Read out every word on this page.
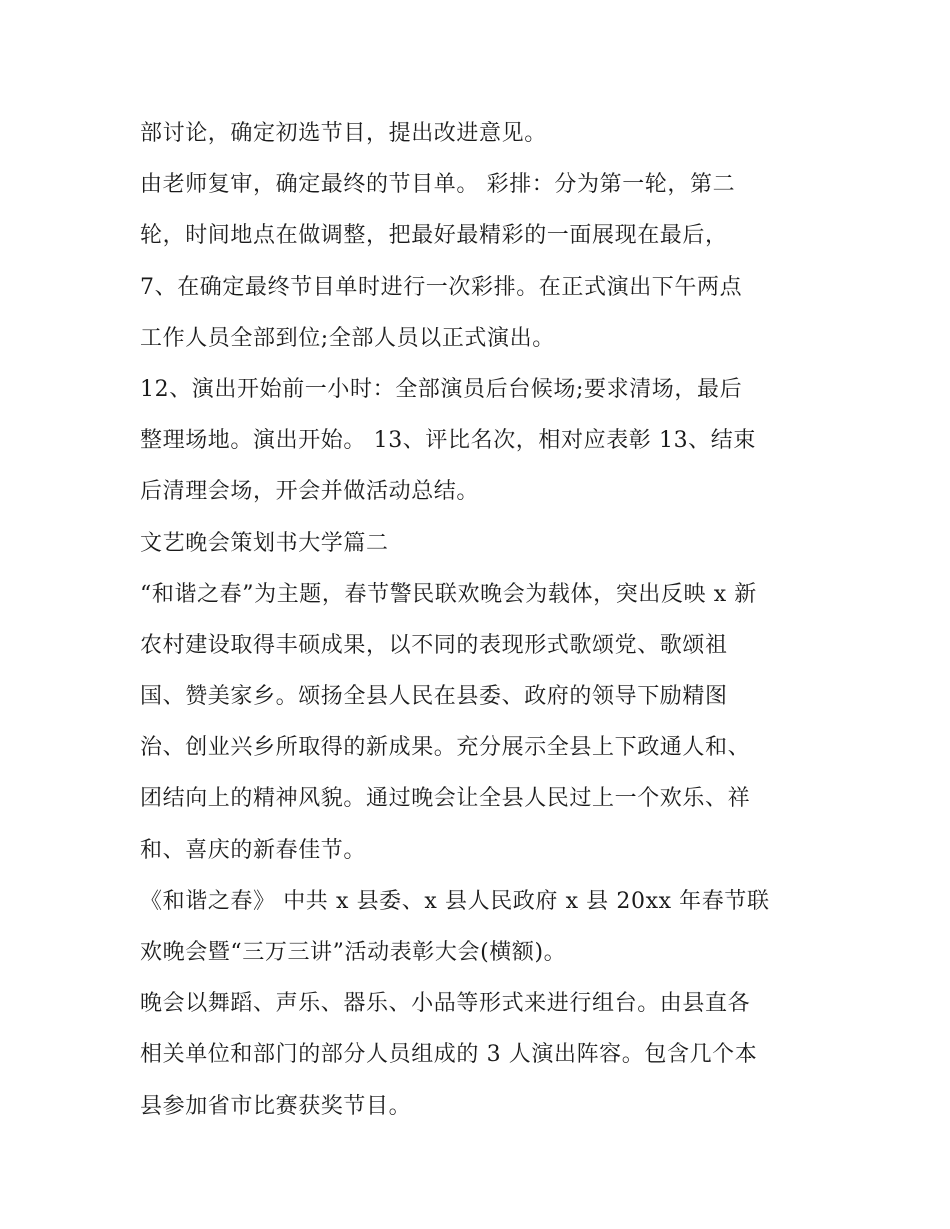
部讨论，确定初选节目，提出改进意见。
由老师复审，确定最终的节目单。 彩排：分为第一轮，第二
轮，时间地点在做调整，把最好最精彩的一面展现在最后，
7、在确定最终节目单时进行一次彩排。在正式演出下午两点
工作人员全部到位;全部人员以正式演出。
12、演出开始前一小时：全部演员后台候场;要求清场，最后
整理场地。演出开始。 13、评比名次，相对应表彰 13、结束
后清理会场，开会并做活动总结。
文艺晚会策划书大学篇二
“和谐之春”为主题，春节警民联欢晚会为载体，突出反映 x 新
农村建设取得丰硕成果，以不同的表现形式歌颂党、歌颂祖
国、赞美家乡。颂扬全县人民在县委、政府的领导下励精图
治、创业兴乡所取得的新成果。充分展示全县上下政通人和、
团结向上的精神风貌。通过晚会让全县人民过上一个欢乐、祥
和、喜庆的新春佳节。
《和谐之春》 中共 x 县委、x 县人民政府 x 县 20xx 年春节联
欢晚会暨“三万三讲”活动表彰大会(横额)。
晚会以舞蹈、声乐、器乐、小品等形式来进行组台。由县直各
相关单位和部门的部分人员组成的 3 人演出阵容。包含几个本
县参加省市比赛获奖节目。
